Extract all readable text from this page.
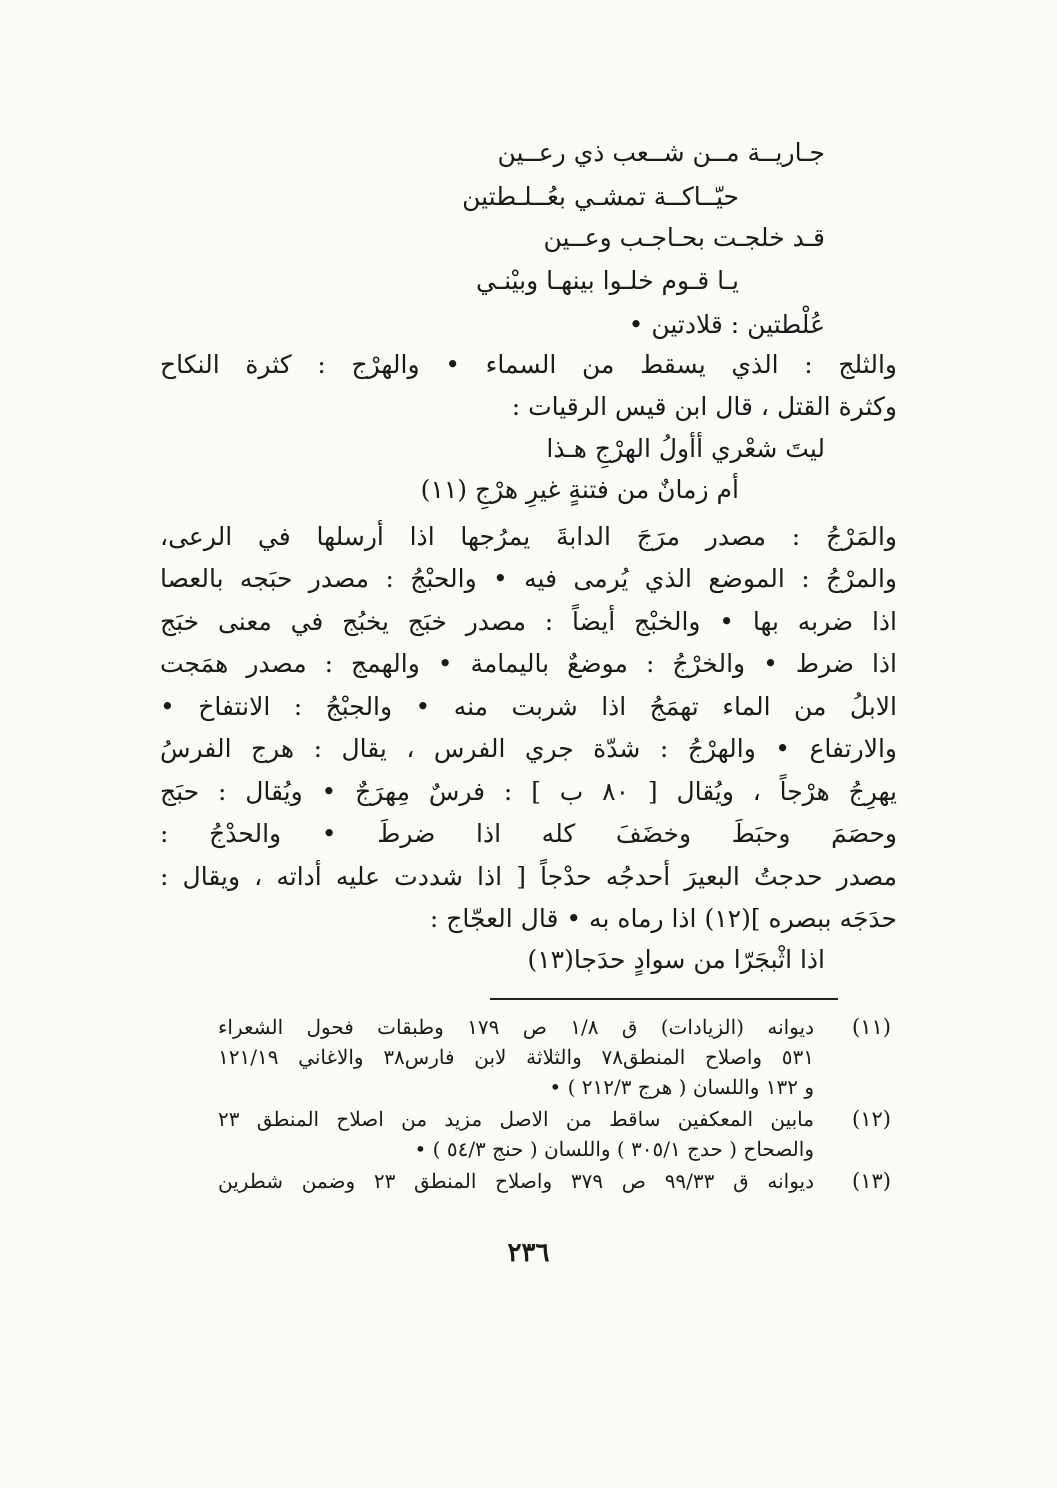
جـاريــة مــن شــعب ذي رعــين
حيّــاكــة تمشـي بعُــلـطتين
قـد خلجـت بحـاجـب وعــين
يـا قـوم خلـوا بينهـا وبيْنـي
عُلْطتين : قلادتين •
والثلج : الذي يسقط من السماء • والهرْج : كثرة النكاح
وكثرة القتل ، قال ابن قيس الرقيات :
ليتَ شعْري أأولُ الهرْجِ هـذا
أم زمانٌ من فتنةٍ غيرِ هرْجِ (١١)
والمَرْجُ : مصدر مرَجَ الدابةَ يمرُجها اذا أرسلها في الرعى،
والمرْجُ : الموضع الذي يُرمى فيه • والحبْجُ : مصدر حبَجه بالعصا
اذا ضربه بها • والخبْج أيضاً : مصدر خبَج يخبُج في معنى خبَج
اذا ضرط • والخرْجُ : موضعٌ باليمامة • والهمج : مصدر همَجت
الابلُ من الماء تهمَجُ اذا شربت منه • والجبْجُ : الانتفاخ •
والارتفاع • والهرْجُ : شدّة جري الفرس ، يقال : هرج الفرسُ
يهرِجُ هرْجاً ، ويُقال [ ٨٠ ب ] : فرسٌ مِهرَجٌ • ويُقال : حبَج
وحصَمَ وحبَطَ وخضَفَ كله اذا ضرطَ • والحدْجُ :
مصدر حدجتُ البعيرَ أحدجُه حدْجاً [ اذا شددت عليه أداته ، ويقال :
حدَجَه ببصره ](١٢) اذا رماه به • قال العجّاج :
اذا اثْبجَرّا من سوادٍ حدَجا(١٣)
(١١)
ديوانه (الزيادات) ق ١/٨ ص ١٧٩ وطبقات فحول الشعراء
٥٣١ واصلاح المنطق٧٨ والثلاثة لابن فارس٣٨ والاغاني ١٢١/١٩
و ١٣٢ واللسان ( هرج ٢١٢/٣ ) •
(١٢)
مابين المعكفين ساقط من الاصل مزيد من اصلاح المنطق ٢٣
والصحاح ( حدج ٣٠٥/١ ) واللسان ( حنج ٥٤/٣ ) •
(١٣)
ديوانه ق ٩٩/٣٣ ص ٣٧٩ واصلاح المنطق ٢٣ وضمن شطرين
٢٣٦
